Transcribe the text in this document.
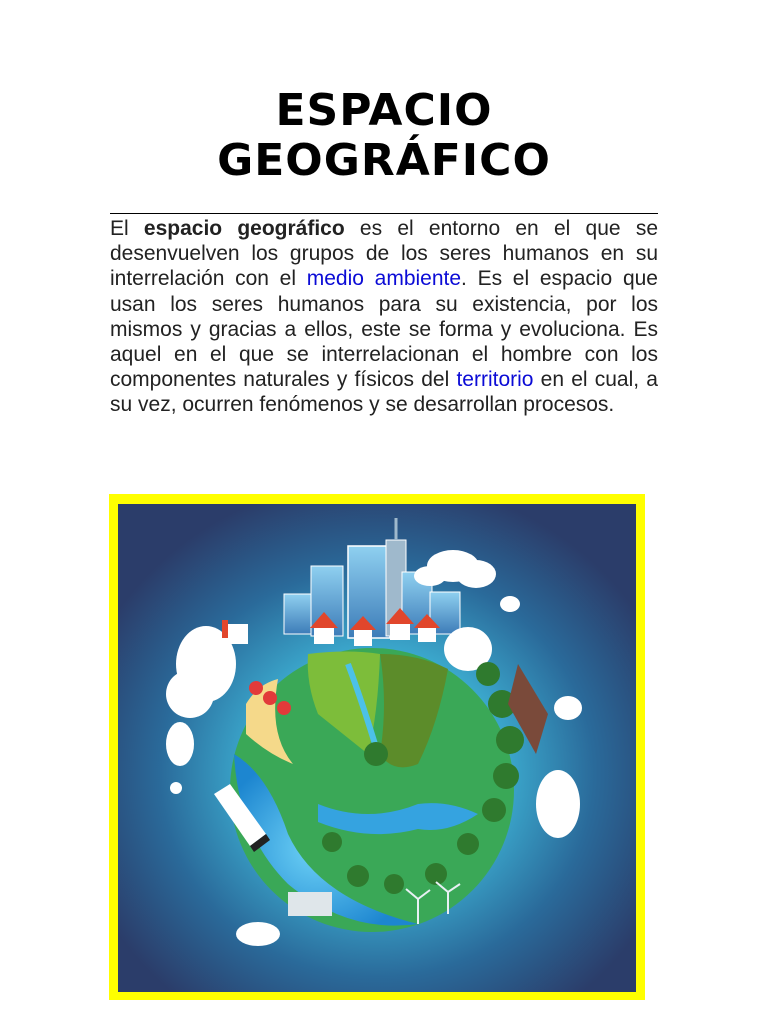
ESPACIO
GEOGRÁFICO

El espacio geográfico es el entorno en el que se desenvuelven los grupos de los seres humanos en su interrelación con el medio ambiente. Es el espacio que usan los seres humanos para su existencia, por los mismos y gracias a ellos, este se forma y evoluciona. Es aquel en el que se interrelacionan el hombre con los componentes naturales y físicos del territorio en el cual, a su vez, ocurren fenómenos y se desarrollan procesos.
